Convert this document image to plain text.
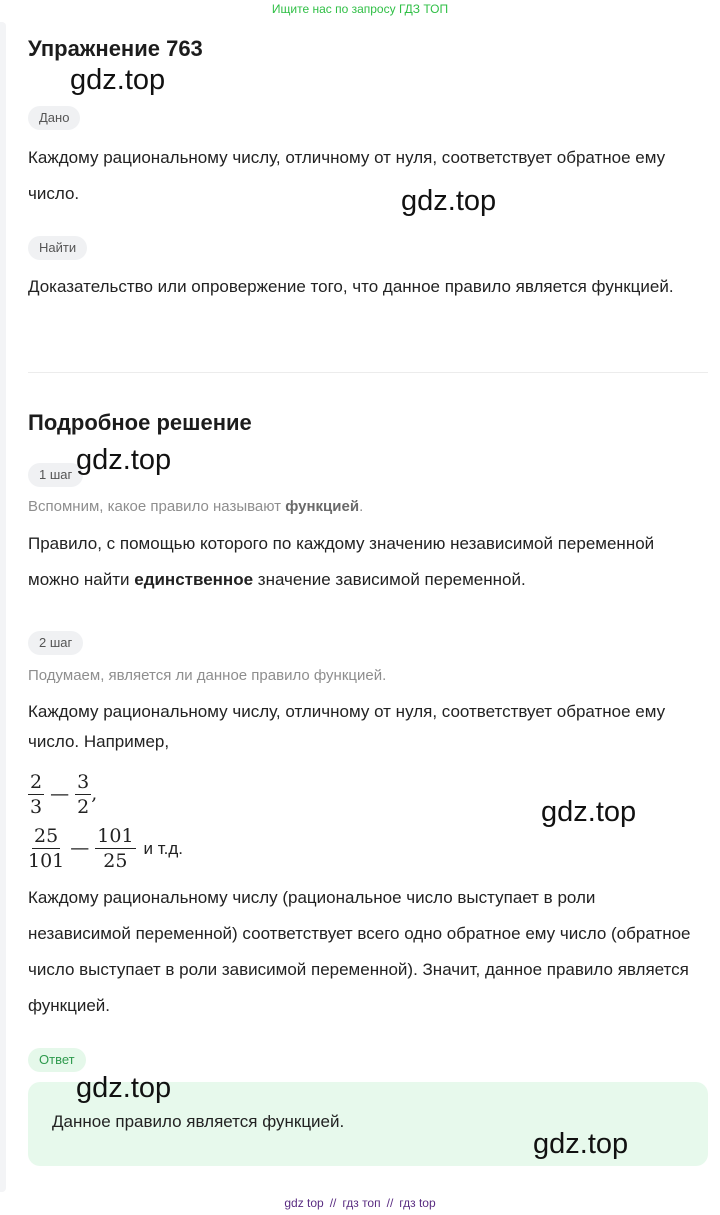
Ищите нас по запросу ГДЗ ТОП
Упражнение 763
Дано
Каждому рациональному числу, отличному от нуля, соответствует обратное ему число.
Найти
Доказательство или опровержение того, что данное правило является функцией.
Подробное решение
1 шаг
Вспомним, какое правило называют функцией.
Правило, с помощью которого по каждому значению независимой переменной можно найти единственное значение зависимой переменной.
2 шаг
Подумаем, является ли данное правило функцией.
Каждому рациональному числу, отличному от нуля, соответствует обратное ему число. Например,
$\frac{2}{3}$ — $\frac{3}{2}$ ,
$\frac{25}{101}$ — $\frac{101}{25}$ и т.д.
Каждому рациональному числу (рациональное число выступает в роли независимой переменной) соответствует всего одно обратное ему число (обратное число выступает в роли зависимой переменной). Значит, данное правило является функцией.
Ответ
Данное правило является функцией.
gdz.top
gdz.top
gdz.top
gdz.top
gdz.top
gdz.top
gdz top // гдз топ // гдз top
